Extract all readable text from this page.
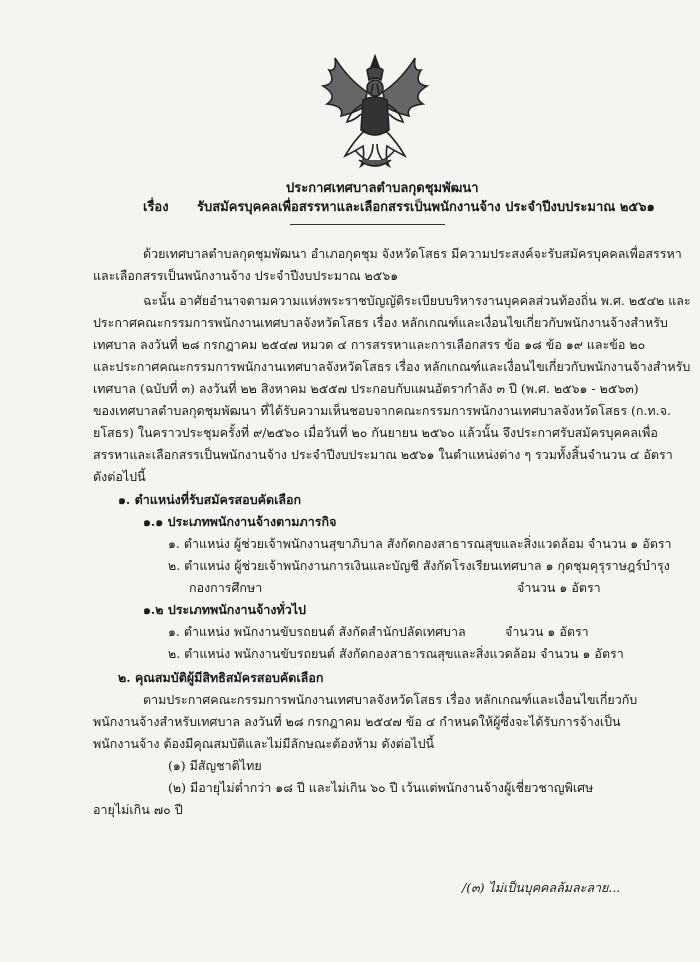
ประกาศเทศบาลตำบลกุดชุมพัฒนา
เรื่อง รับสมัครบุคคลเพื่อสรรหาและเลือกสรรเป็นพนักงานจ้าง ประจำปีงบประมาณ ๒๕๖๑
ด้วยเทศบาลตำบลกุดชุมพัฒนา อำเภอกุดชุม จังหวัดโสธร มีความประสงค์จะรับสมัครบุคคลเพื่อสรรหา
และเลือกสรรเป็นพนักงานจ้าง ประจำปีงบประมาณ ๒๕๖๑
ฉะนั้น อาศัยอำนาจตามความแห่งพระราชบัญญัติระเบียบบริหารงานบุคคลส่วนท้องถิ่น พ.ศ. ๒๕๔๒ และ
ประกาศคณะกรรมการพนักงานเทศบาลจังหวัดโสธร เรื่อง หลักเกณฑ์และเงื่อนไขเกี่ยวกับพนักงานจ้างสำหรับ
เทศบาล ลงวันที่ ๒๘ กรกฎาคม ๒๕๔๗ หมวด ๔ การสรรหาและการเลือกสรร ข้อ ๑๘ ข้อ ๑๙ และข้อ ๒๐
และประกาศคณะกรรมการพนักงานเทศบาลจังหวัดโสธร เรื่อง หลักเกณฑ์และเงื่อนไขเกี่ยวกับพนักงานจ้างสำหรับ
เทศบาล (ฉบับที่ ๓) ลงวันที่ ๒๒ สิงหาคม ๒๕๕๗ ประกอบกับแผนอัตรากำลัง ๓ ปี (พ.ศ. ๒๕๖๑ - ๒๕๖๓)
ของเทศบาลตำบลกุดชุมพัฒนา ที่ได้รับความเห็นชอบจากคณะกรรมการพนักงานเทศบาลจังหวัดโสธร (ก.ท.จ.
ยโสธร) ในคราวประชุมครั้งที่ ๙/๒๕๖๐ เมื่อวันที่ ๒๐ กันยายน ๒๕๖๐ แล้วนั้น จึงประกาศรับสมัครบุคคลเพื่อ
สรรหาและเลือกสรรเป็นพนักงานจ้าง ประจำปีงบประมาณ ๒๕๖๑ ในตำแหน่งต่าง ๆ รวมทั้งสิ้นจำนวน ๔ อัตรา
ดังต่อไปนี้
๑. ตำแหน่งที่รับสมัครสอบคัดเลือก
๑.๑ ประเภทพนักงานจ้างตามภารกิจ
๑. ตำแหน่ง ผู้ช่วยเจ้าพนักงานสุขาภิบาล สังกัดกองสาธารณสุขและสิ่งแวดล้อม จำนวน ๑ อัตรา
๒. ตำแหน่ง ผู้ช่วยเจ้าพนักงานการเงินและบัญชี สังกัดโรงเรียนเทศบาล ๑ กุดชุมคุรุราษฎร์บำรุง
กองการศึกษา	จำนวน ๑ อัตรา
๑.๒ ประเภทพนักงานจ้างทั่วไป
๑. ตำแหน่ง พนักงานขับรถยนต์ สังกัดสำนักปลัดเทศบาล	จำนวน ๑ อัตรา
๒. ตำแหน่ง พนักงานขับรถยนต์ สังกัดกองสาธารณสุขและสิ่งแวดล้อม จำนวน ๑ อัตรา
๒. คุณสมบัติผู้มีสิทธิสมัครสอบคัดเลือก
ตามประกาศคณะกรรมการพนักงานเทศบาลจังหวัดโสธร เรื่อง หลักเกณฑ์และเงื่อนไขเกี่ยวกับ
พนักงานจ้างสำหรับเทศบาล ลงวันที่ ๒๘ กรกฎาคม ๒๕๔๗ ข้อ ๔ กำหนดให้ผู้ซึ่งจะได้รับการจ้างเป็น
พนักงานจ้าง ต้องมีคุณสมบัติและไม่มีลักษณะต้องห้าม ดังต่อไปนี้
(๑) มีสัญชาติไทย
(๒) มีอายุไม่ต่ำกว่า ๑๘ ปี และไม่เกิน ๖๐ ปี เว้นแต่พนักงานจ้างผู้เชี่ยวชาญพิเศษ
อายุไม่เกิน ๗๐ ปี
/(๓) ไม่เป็นบุคคลล้มละลาย...
